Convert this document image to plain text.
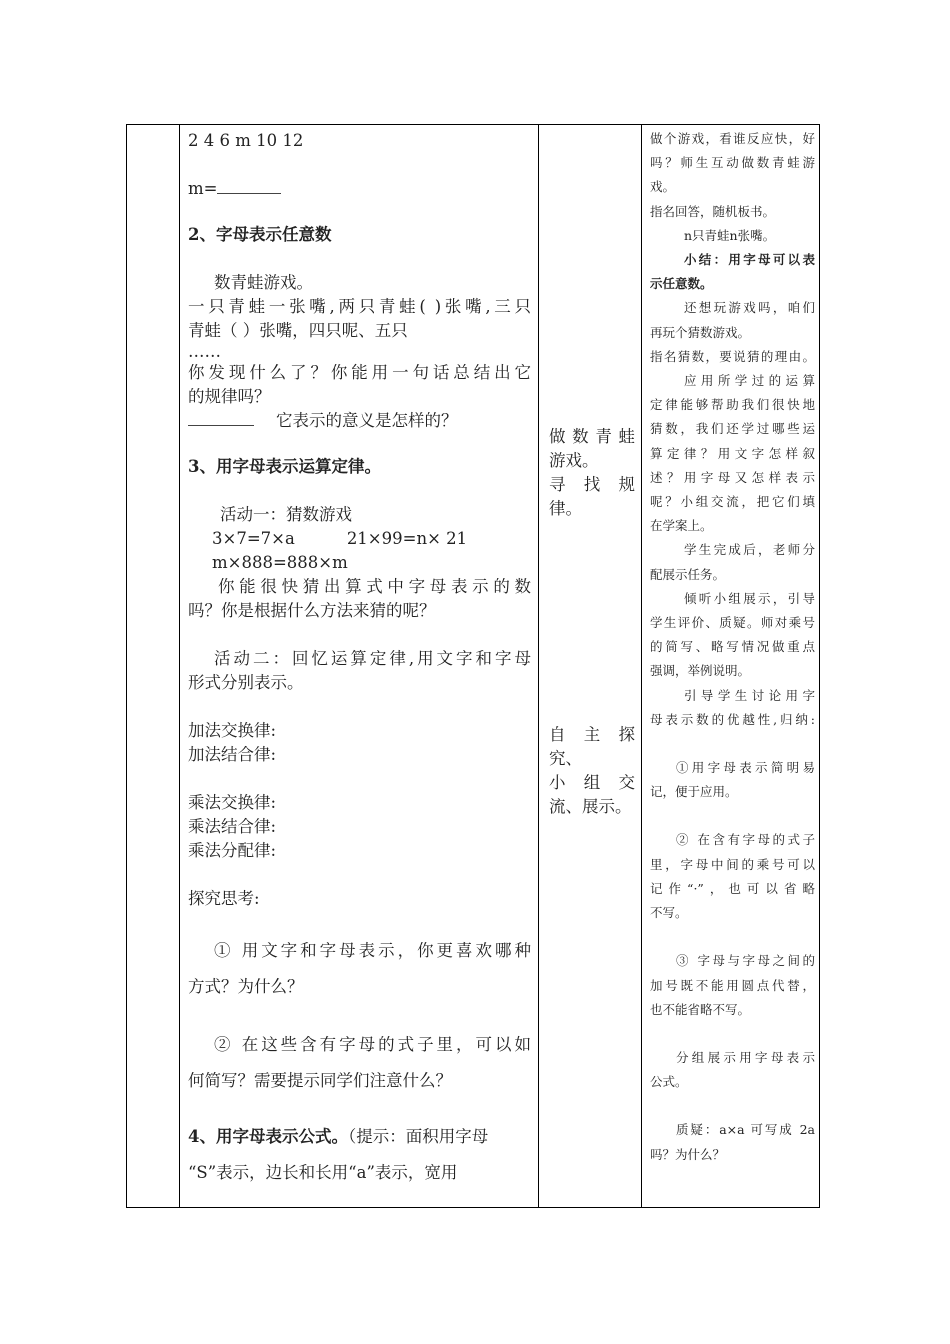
2 4 6 m 10 12
m=
2、字母表示任意数
数青蛙游戏。
一只青蛙一张嘴,两只青蛙( )张嘴,三只
青蛙（ ）张嘴，四只呢、五只
……
你发现什么了？你能用一句话总结出它
的规律吗？
它表示的意义是怎样的？
3、用字母表示运算定律。
活动一：猜数游戏
3×7=7×a	21×99=n× 21
m×888=888×m
你能很快猜出算式中字母表示的数
吗？你是根据什么方法来猜的呢？
活动二：回忆运算定律,用文字和字母
形式分别表示。
加法交换律:
加法结合律:
乘法交换律:
乘法结合律:
乘法分配律:
探究思考:
① 用文字和字母表示，你更喜欢哪种
方式？为什么？
② 在这些含有字母的式子里，可以如
何简写？需要提示同学们注意什么？
4、用字母表示公式。（提示：面积用字母
“S”表示，边长和长用“a”表示，宽用
做数青蛙
游戏。
寻 找 规
律。
自 主 探
究、
小 组 交
流、展示。
做个游戏，看谁反应快，好
吗？师生互动做数青蛙游
戏。
指名回答，随机板书。
n只青蛙n张嘴。
小结：用字母可以表
示任意数。
还想玩游戏吗，咱们
再玩个猜数游戏。
指名猜数，要说猜的理由。
应用所学过的运算
定律能够帮助我们很快地
猜数，我们还学过哪些运
算定律？用文字怎样叙
述？用字母又怎样表示
呢？小组交流，把它们填
在学案上。
学生完成后，老师分
配展示任务。
倾听小组展示，引导
学生评价、质疑。师对乘号
的简写、略写情况做重点
强调，举例说明。
引导学生讨论用字
母表示数的优越性,归纳:
①用字母表示简明易
记，便于应用。
② 在含有字母的式子
里，字母中间的乘号可以
记作“·”，也可以省略
不写。
③ 字母与字母之间的
加号既不能用圆点代替，
也不能省略不写。
分组展示用字母表示
公式。
质疑：a×a 可写成 2a
吗？为什么？
